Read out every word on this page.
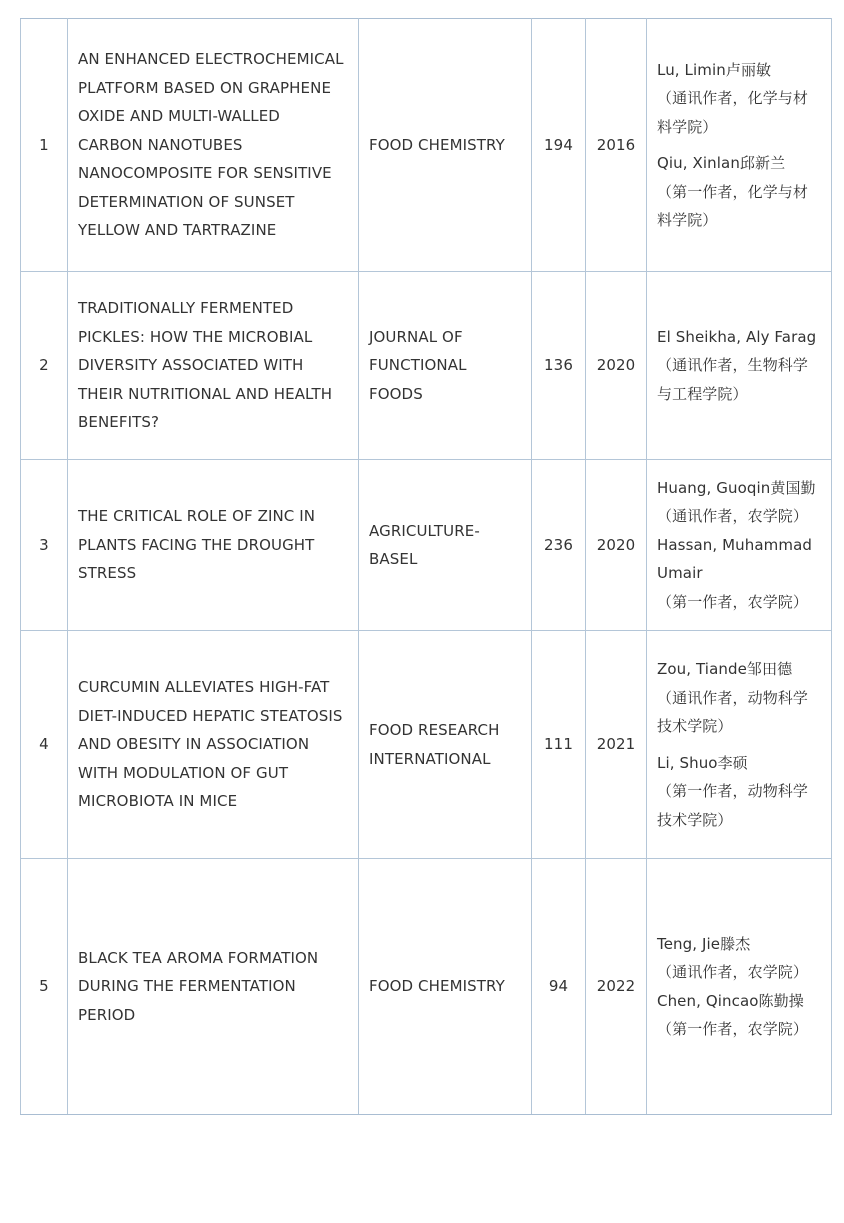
1	AN ENHANCED ELECTROCHEMICAL PLATFORM BASED ON GRAPHENE OXIDE AND MULTI-WALLED CARBON NANOTUBES NANOCOMPOSITE FOR SENSITIVE DETERMINATION OF SUNSET YELLOW AND TARTRAZINE	FOOD CHEMISTRY	194	2016	Lu, Limin卢丽敏
（通讯作者，化学与材料学院）
Qiu, Xinlan邱新兰
（第一作者，化学与材料学院）

2	TRADITIONALLY FERMENTED PICKLES: HOW THE MICROBIAL DIVERSITY ASSOCIATED WITH THEIR NUTRITIONAL AND HEALTH BENEFITS?	JOURNAL OF FUNCTIONAL FOODS	136	2020	El Sheikha, Aly Farag
（通讯作者，生物科学与工程学院）

3	THE CRITICAL ROLE OF ZINC IN PLANTS FACING THE DROUGHT STRESS	AGRICULTURE-BASEL	236	2020	Huang, Guoqin黄国勤
（通讯作者，农学院）
Hassan, Muhammad Umair
（第一作者，农学院）

4	CURCUMIN ALLEVIATES HIGH-FAT DIET-INDUCED HEPATIC STEATOSIS AND OBESITY IN ASSOCIATION WITH MODULATION OF GUT MICROBIOTA IN MICE	FOOD RESEARCH INTERNATIONAL	111	2021	Zou, Tiande邹田德
（通讯作者，动物科学技术学院）
Li, Shuo李硕
（第一作者，动物科学技术学院）

5	BLACK TEA AROMA FORMATION DURING THE FERMENTATION PERIOD	FOOD CHEMISTRY	94	2022	Teng, Jie滕杰
（通讯作者，农学院）
Chen, Qincao陈勤操
（第一作者，农学院）
